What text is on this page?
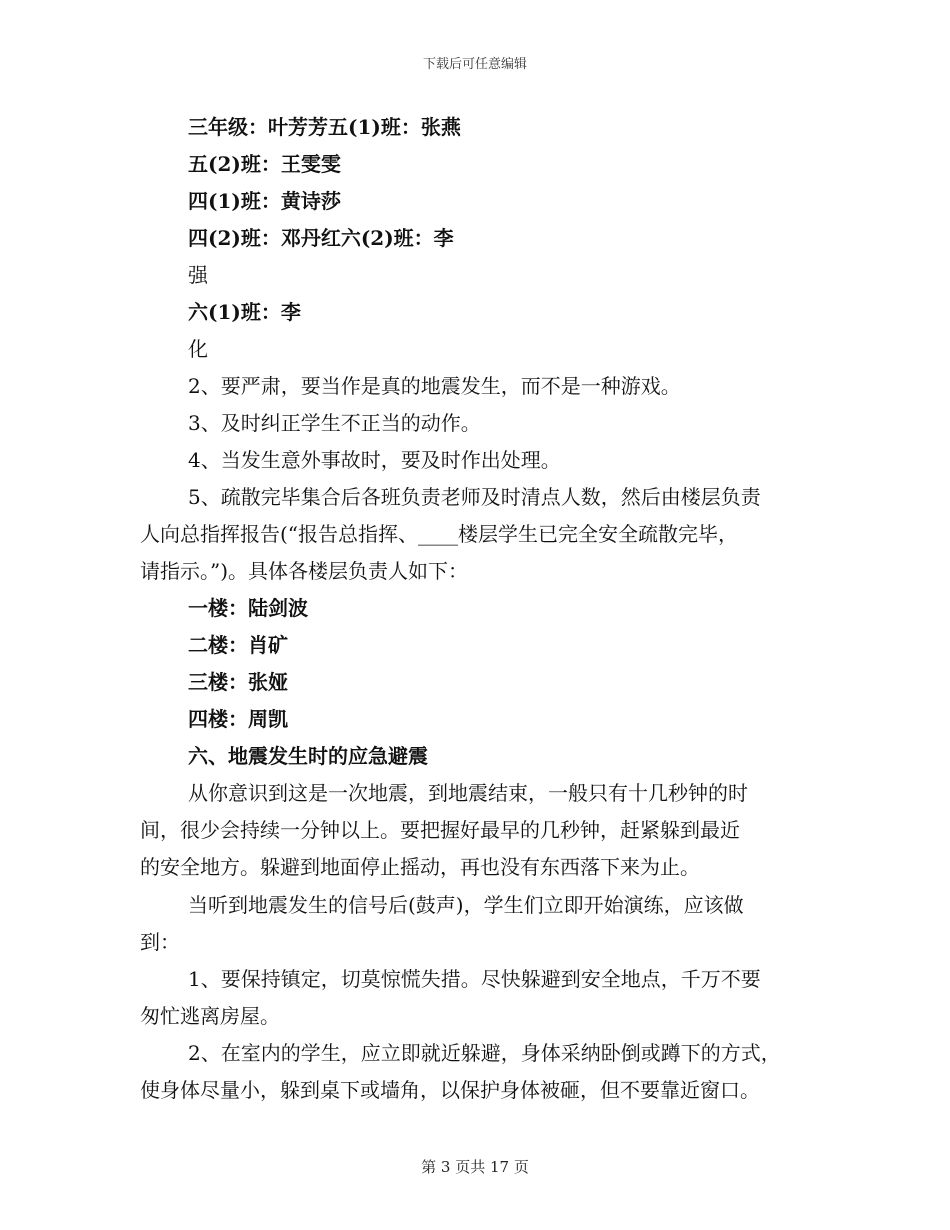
下载后可任意编辑
三年级：叶芳芳五(1)班：张燕
五(2)班：王雯雯
四(1)班：黄诗莎
四(2)班：邓丹红六(2)班：李
强
六(1)班：李
化
2、要严肃，要当作是真的地震发生，而不是一种游戏。
3、及时纠正学生不正当的动作。
4、当发生意外事故时，要及时作出处理。
5、疏散完毕集合后各班负责老师及时清点人数，然后由楼层负责
人向总指挥报告(“报告总指挥、____楼层学生已完全安全疏散完毕，
请指示。”)。具体各楼层负责人如下：
一楼：陆剑波
二楼：肖矿
三楼：张娅
四楼：周凯
六、地震发生时的应急避震
从你意识到这是一次地震，到地震结束，一般只有十几秒钟的时
间，很少会持续一分钟以上。要把握好最早的几秒钟，赶紧躲到最近
的安全地方。躲避到地面停止摇动，再也没有东西落下来为止。
当听到地震发生的信号后(鼓声)，学生们立即开始演练，应该做
到：
1、要保持镇定，切莫惊慌失措。尽快躲避到安全地点，千万不要
匆忙逃离房屋。
2、在室内的学生，应立即就近躲避，身体采纳卧倒或蹲下的方式，
使身体尽量小，躲到桌下或墙角，以保护身体被砸，但不要靠近窗口。
第 3 页共 17 页
